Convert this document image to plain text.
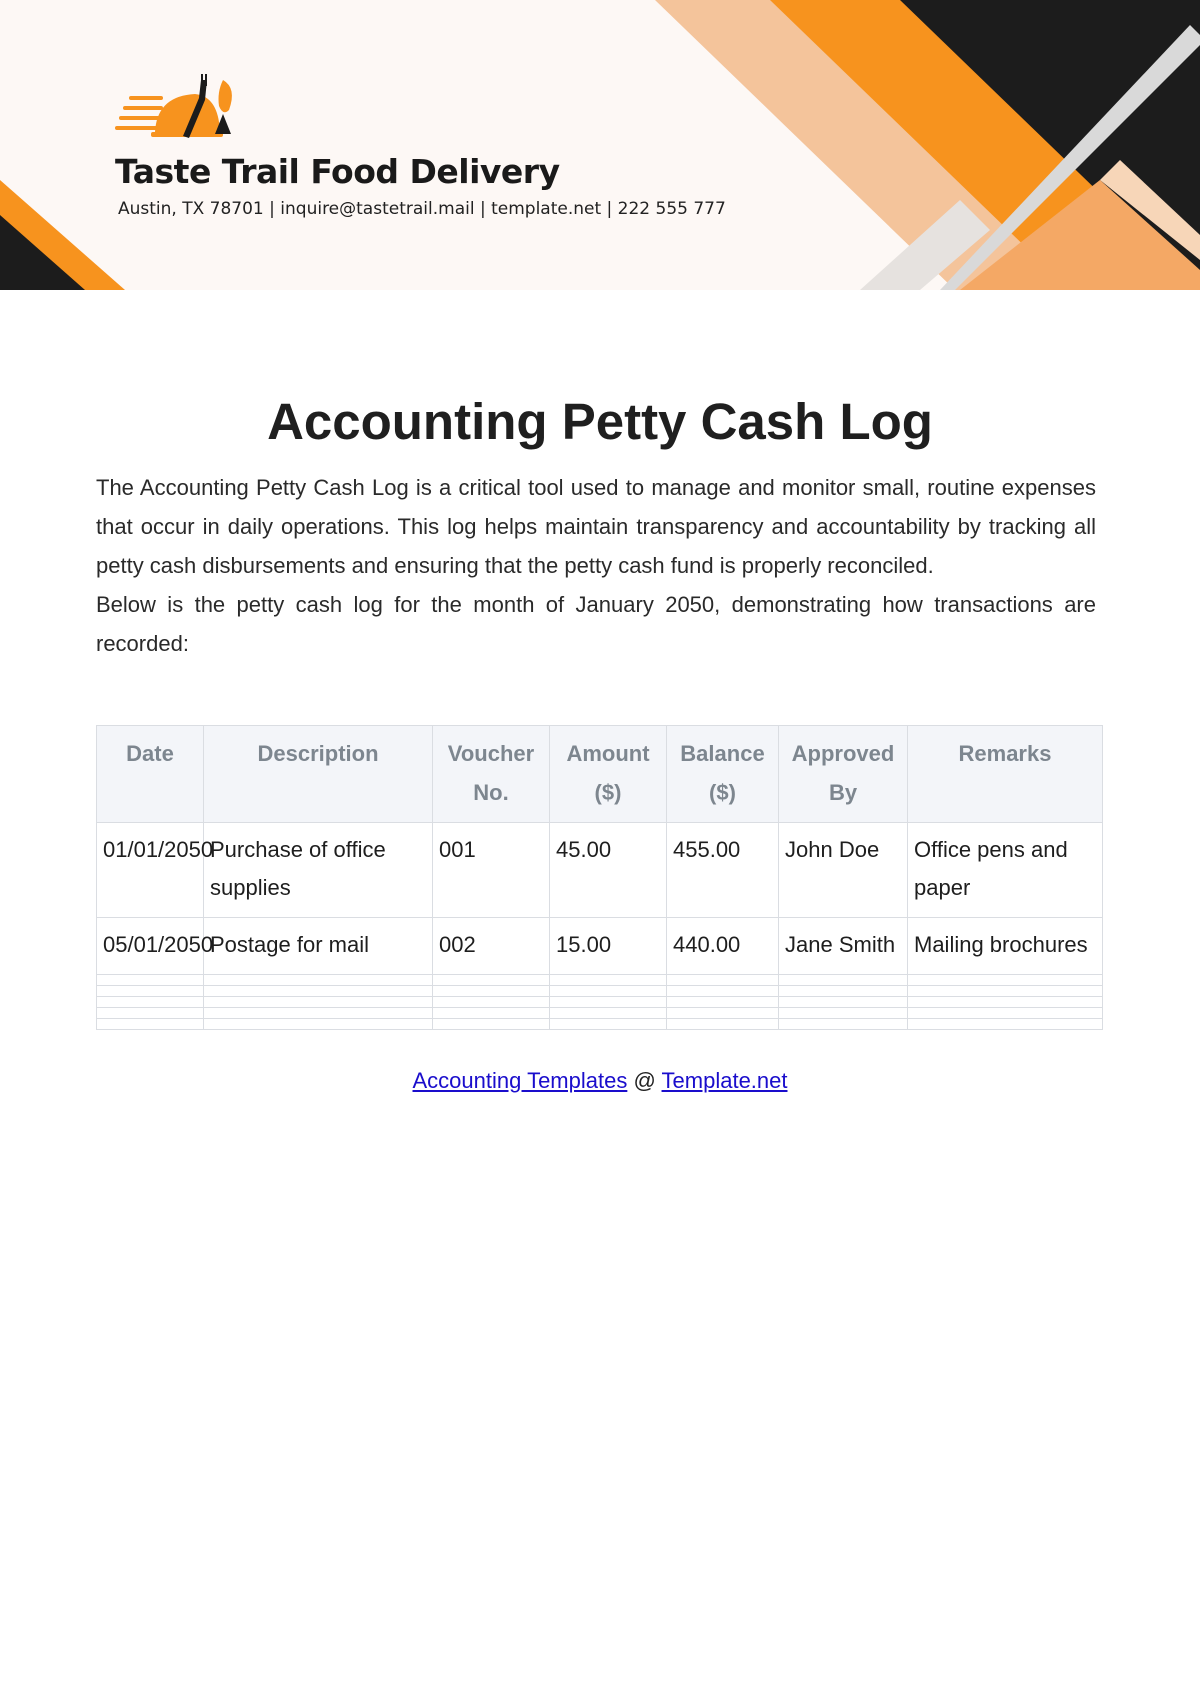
Taste Trail Food Delivery

Austin, TX 78701 | inquire@tastetrail.mail | template.net | 222 555 777

Accounting Petty Cash Log

The Accounting Petty Cash Log is a critical tool used to manage and monitor small, routine expenses that occur in daily operations. This log helps maintain transparency and accountability by tracking all petty cash disbursements and ensuring that the petty cash fund is properly reconciled.

Below is the petty cash log for the month of January 2050, demonstrating how transactions are recorded:

Date	Description	Voucher No.	Amount ($)	Balance ($)	Approved By	Remarks
01/01/2050	Purchase of office supplies	001	45.00	455.00	John Doe	Office pens and paper
05/01/2050	Postage for mail	002	15.00	440.00	Jane Smith	Mailing brochures

Accounting Templates @ Template.net
